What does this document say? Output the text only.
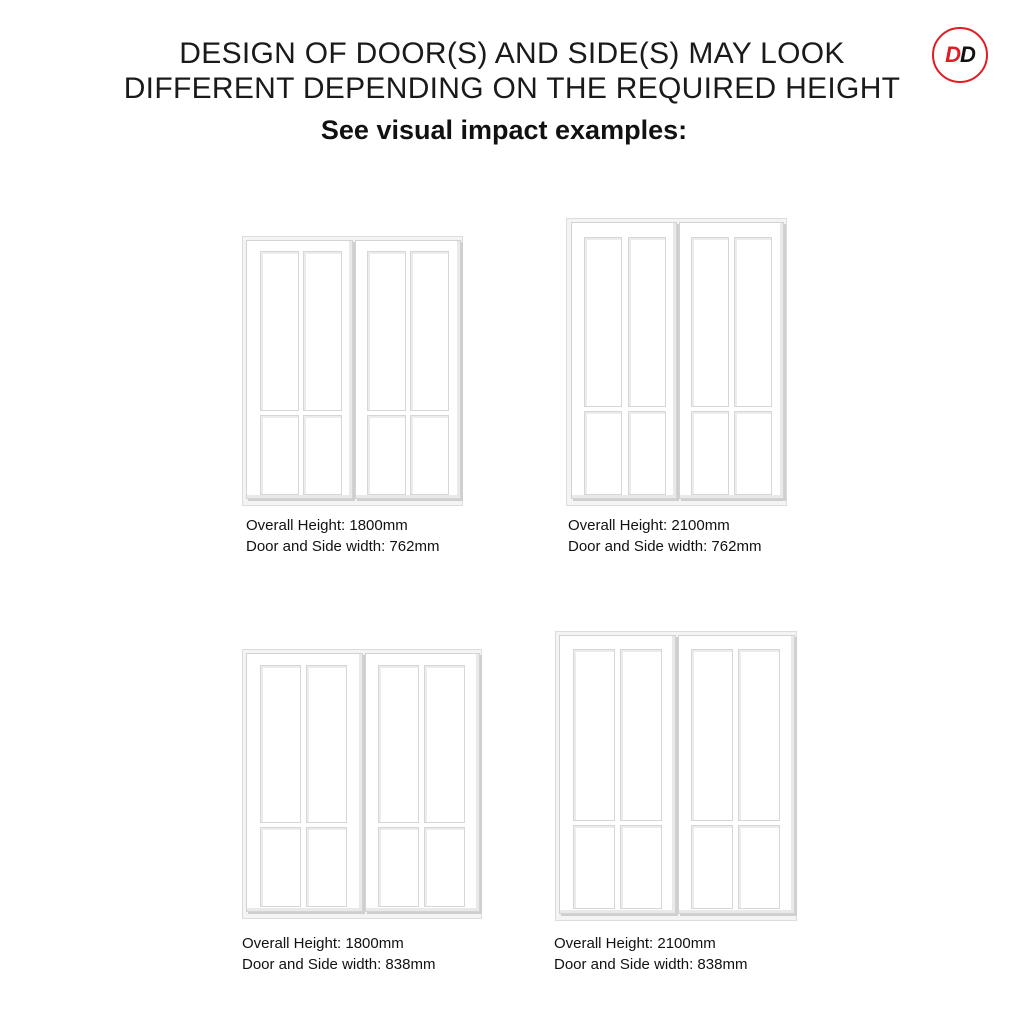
DESIGN OF DOOR(S) AND SIDE(S) MAY LOOK
DIFFERENT DEPENDING ON THE REQUIRED HEIGHT
See visual impact examples:
D D
Overall Height: 1800mm
Door and Side width: 762mm
Overall Height: 2100mm
Door and Side width: 762mm
Overall Height: 1800mm
Door and Side width: 838mm
Overall Height: 2100mm
Door and Side width: 838mm
